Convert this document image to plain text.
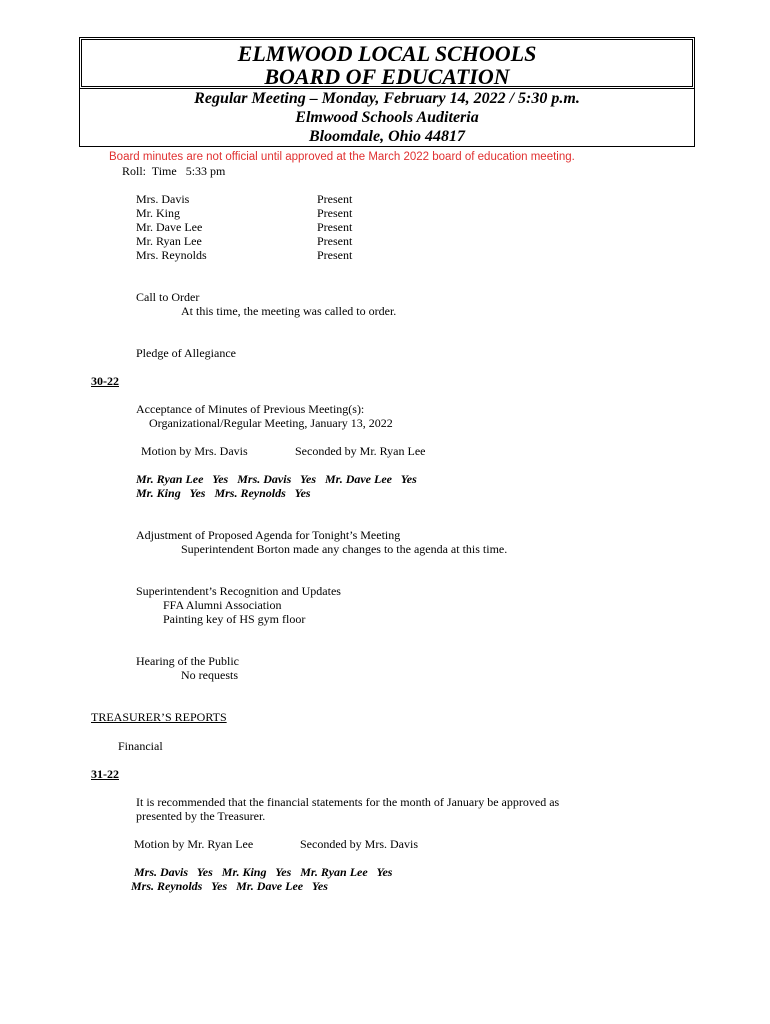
ELMWOOD LOCAL SCHOOLS
BOARD OF EDUCATION
Regular Meeting – Monday, February 14, 2022 / 5:30 p.m.
Elmwood Schools Auditeria
Bloomdale, Ohio 44817
Board minutes are not official until approved at the March 2022 board of education meeting.
Roll:  Time   5:33 pm
Mrs. Davis	Present
Mr. King	Present
Mr. Dave Lee	Present
Mr. Ryan Lee	Present
Mrs. Reynolds	Present
Call to Order
At this time, the meeting was called to order.
Pledge of Allegiance
30-22
Acceptance of Minutes of Previous Meeting(s):
Organizational/Regular Meeting, January 13, 2022
Motion by Mrs. Davis	Seconded by Mr. Ryan Lee
Mr. Ryan Lee   Yes   Mrs. Davis   Yes   Mr. Dave Lee   Yes
Mr. King   Yes   Mrs. Reynolds   Yes
Adjustment of Proposed Agenda for Tonight’s Meeting
Superintendent Borton made any changes to the agenda at this time.
Superintendent’s Recognition and Updates
FFA Alumni Association
Painting key of HS gym floor
Hearing of the Public
No requests
TREASURER’S REPORTS
Financial
31-22
It is recommended that the financial statements for the month of January be approved as
presented by the Treasurer.
Motion by Mr. Ryan Lee	Seconded by Mrs. Davis
Mrs. Davis   Yes   Mr. King   Yes   Mr. Ryan Lee   Yes
Mrs. Reynolds   Yes   Mr. Dave Lee   Yes
